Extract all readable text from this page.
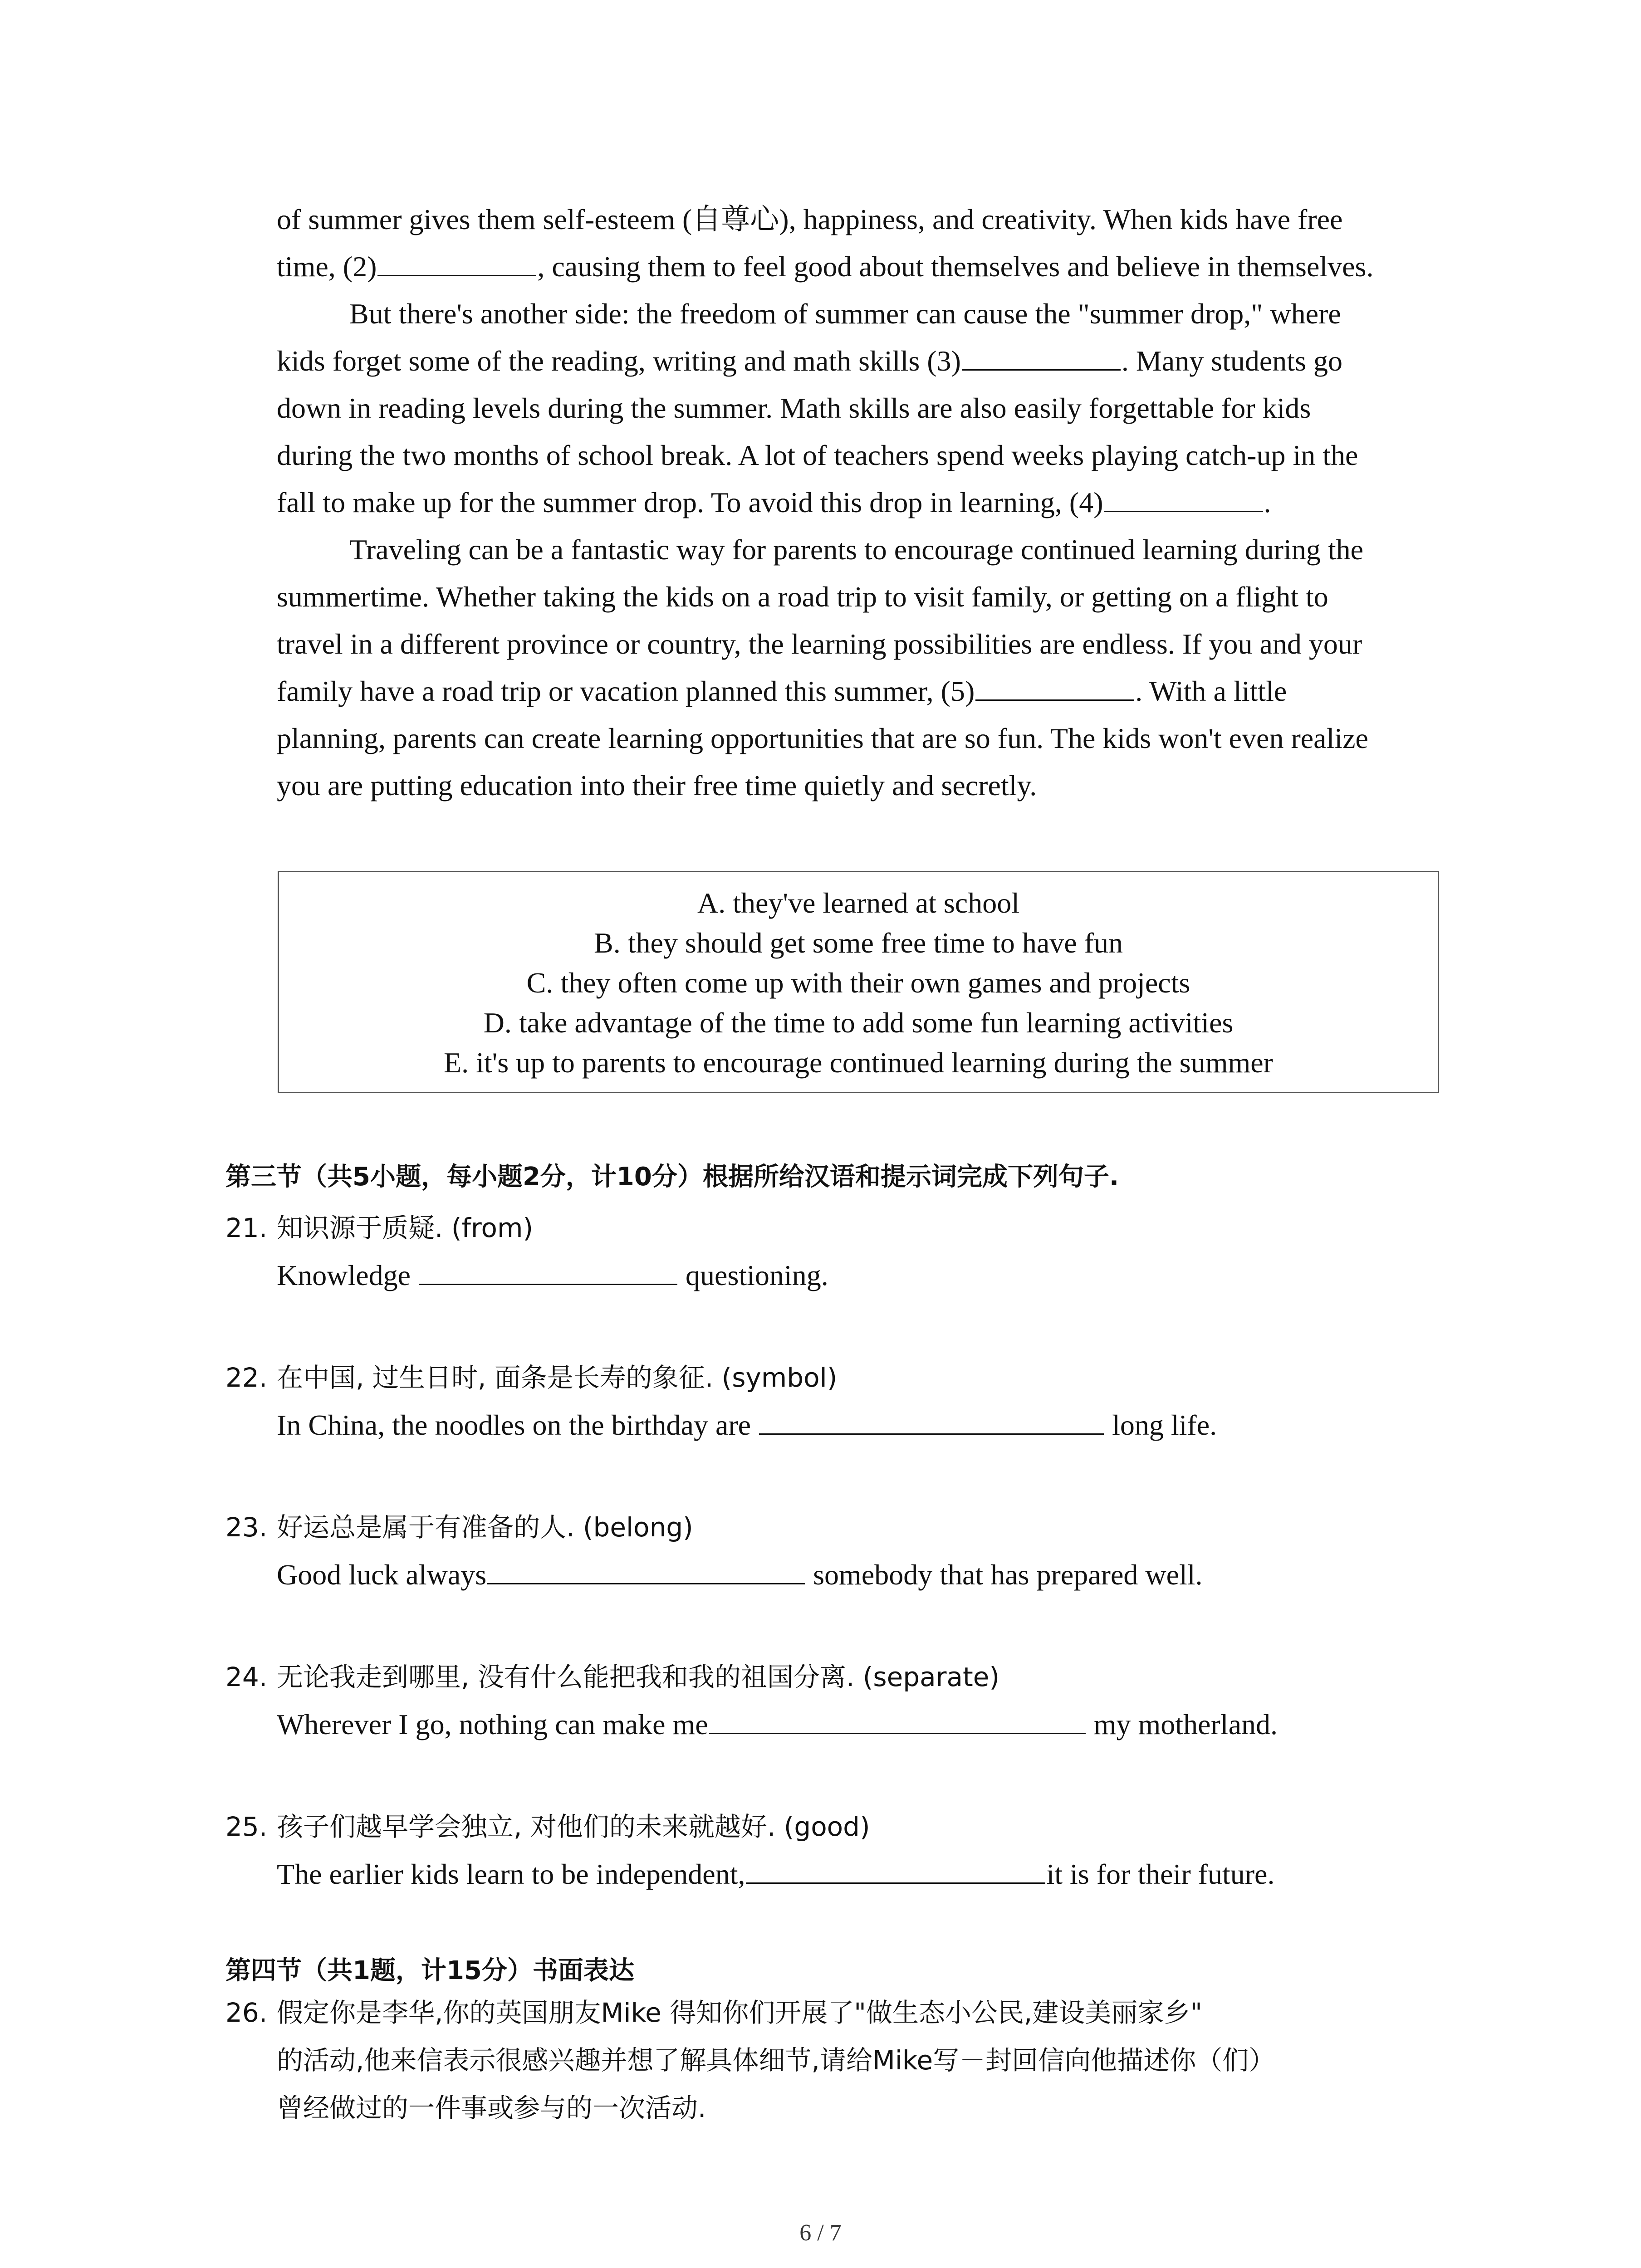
of summer gives them self-esteem (自尊心), happiness, and creativity. When kids have free
time, (2)	, causing them to feel good about themselves and believe in themselves.
But there's another side: the freedom of summer can cause the "summer drop," where
kids forget some of the reading, writing and math skills (3)	. Many students go
down in reading levels during the summer. Math skills are also easily forgettable for kids
during the two months of school break. A lot of teachers spend weeks playing catch-up in the
fall to make up for the summer drop. To avoid this drop in learning, (4)	.
Traveling can be a fantastic way for parents to encourage continued learning during the
summertime. Whether taking the kids on a road trip to visit family, or getting on a flight to
travel in a different province or country, the learning possibilities are endless. If you and your
family have a road trip or vacation planned this summer, (5)	. With a little
planning, parents can create learning opportunities that are so fun. The kids won't even realize
you are putting education into their free time quietly and secretly.
A. they've learned at school
B. they should get some free time to have fun
C. they often come up with their own games and projects
D. take advantage of the time to add some fun learning activities
E. it's up to parents to encourage continued learning during the summer
第三节（共5小题，每小题2分，计10分）根据所给汉语和提示词完成下列句子.
21. 知识源于质疑. (from)
Knowledge	questioning.
22. 在中国, 过生日时, 面条是长寿的象征. (symbol)
In China, the noodles on the birthday are	long life.
23. 好运总是属于有准备的人. (belong)
Good luck always	somebody that has prepared well.
24. 无论我走到哪里, 没有什么能把我和我的祖国分离. (separate)
Wherever I go, nothing can make me	my motherland.
25. 孩子们越早学会独立, 对他们的未来就越好. (good)
The earlier kids learn to be independent,	it is for their future.
第四节（共1题，计15分）书面表达
26. 假定你是李华,你的英国朋友Mike 得知你们开展了"做生态小公民,建设美丽家乡"
的活动,他来信表示很感兴趣并想了解具体细节,请给Mike写－封回信向他描述你（们）
曾经做过的一件事或参与的一次活动.
6 / 7
